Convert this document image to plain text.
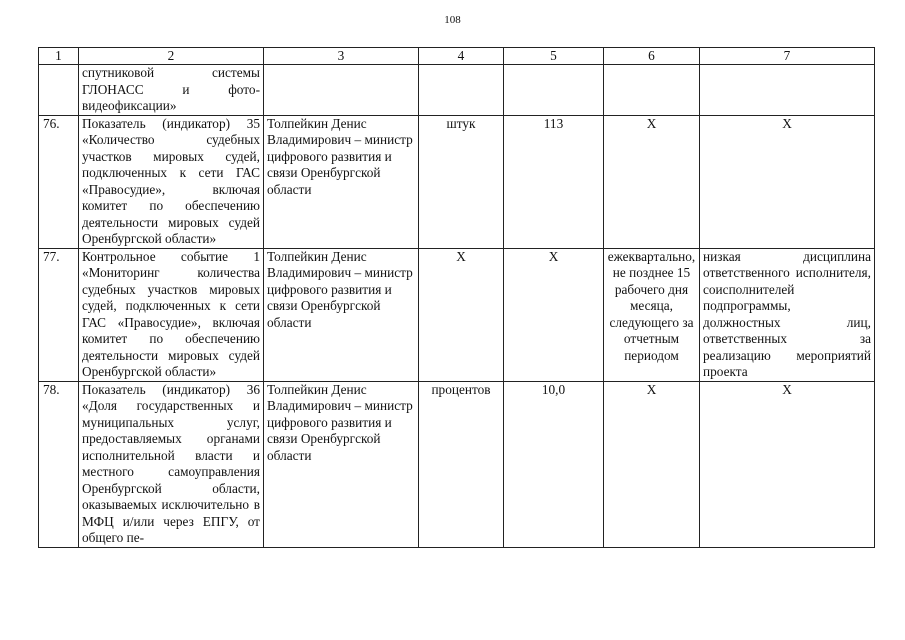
108
1	2	3	4	5	6	7
	спутниковой системы ГЛОНАСС и фото-видеофиксации»					
76.	Показатель (индикатор) 35 «Количество судебных участков мировых судей, подключенных к сети ГАС «Правосудие», включая комитет по обеспечению деятельности мировых судей Оренбургской области»	Толпейкин Денис Владимирович – министр цифрового развития и связи Оренбургской области	штук	113	Х	Х
77.	Контрольное событие 1 «Мониторинг количества судебных участков мировых судей, подключенных к сети ГАС «Правосудие», включая комитет по обеспечению деятельности мировых судей Оренбургской области»	Толпейкин Денис Владимирович – министр цифрового развития и связи Оренбургской области	Х	Х	ежеквартально, не позднее 15 рабочего дня месяца, следующего за отчетным периодом	низкая дисциплина ответственного исполнителя, соисполнителей подпрограммы, должностных лиц, ответственных за реализацию мероприятий проекта
78.	Показатель (индикатор) 36 «Доля государственных и муниципальных услуг, предоставляемых органами исполнительной власти и местного самоуправления Оренбургской области, оказываемых исключительно в МФЦ и/или через ЕПГУ, от общего пе-	Толпейкин Денис Владимирович – министр цифрового развития и связи Оренбургской области	процентов	10,0	Х	Х
